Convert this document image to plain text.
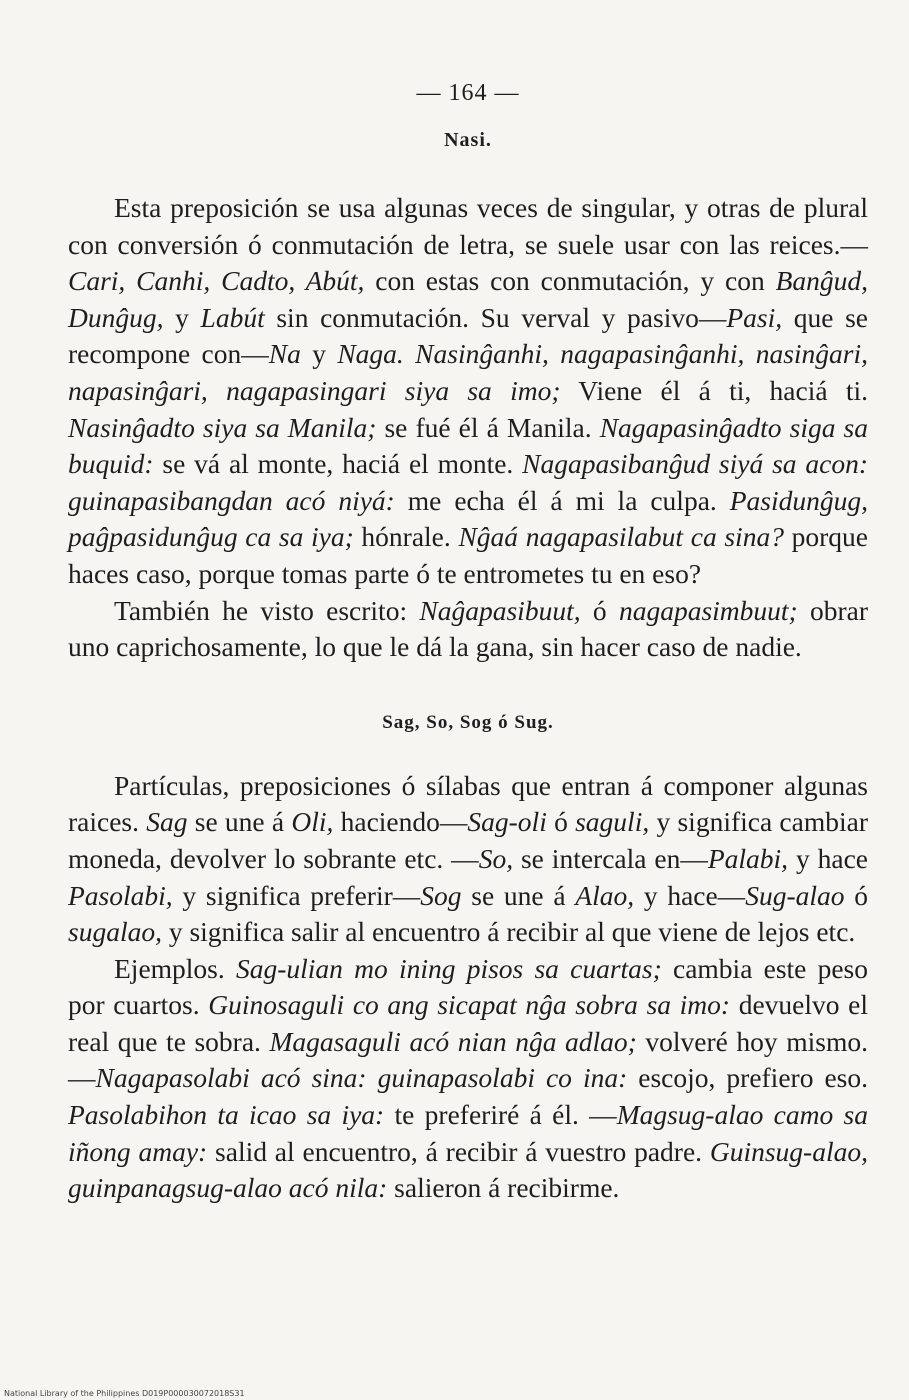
— 164 —
Nasi.

Esta preposición se usa algunas veces de singular, y otras de plural con conversión ó conmutación de letra, se suele usar con las reices.— Cari, Canhi, Cadto, Abút, con estas con conmutación, y con Banĝud, Dunĝug, y Labút sin conmutación. Su verval y pasivo—Pasi, que se recompone con—Na y Naga. Nasinĝanhi, nagapasinĝanhi, nasinĝari, napasinĝari, nagapasingari siya sa imo; Viene él á ti, haciá ti. Nasinĝadto siya sa Manila; se fué él á Manila. Nagapasinĝadto siga sa buquid: se vá al monte, haciá el monte. Nagapasibanĝud siyá sa acon: guinapasibangdan acó niyá: me echa él á mi la culpa. Pasidunĝug, paĝpasidunĝug ca sa iya; hónrale. Nĝaá nagapasilabut ca sina? porque haces caso, porque tomas parte ó te entrometes tu en eso?

También he visto escrito: Naĝapasibuut, ó nagapasimbuut; obrar uno caprichosamente, lo que le dá la gana, sin hacer caso de nadie.

Sag, So, Sog ó Sug.

Partículas, preposiciones ó sílabas que entran á componer algunas raices. Sag se une á Oli, haciendo—Sag-oli ó saguli, y significa cambiar moneda, devolver lo sobrante etc. —So, se intercala en—Palabi, y hace Pasolabi, y significa preferir—Sog se une á Alao, y hace—Sug-alao ó sugalao, y significa salir al encuentro á recibir al que viene de lejos etc.

Ejemplos. Sag-ulian mo ining pisos sa cuartas; cambia este peso por cuartos. Guinosaguli co ang sicapat nĝa sobra sa imo: devuelvo el real que te sobra. Magasaguli acó nian nĝa adlao; volveré hoy mismo.—Nagapasolabi acó sina: guinapasolabi co ina: escojo, prefiero eso. Pasolabihon ta icao sa iya: te preferiré á él. —Magsug-alao camo sa iñong amay: salid al encuentro, á recibir á vuestro padre. Guinsug-alao, guinpanagsug-alao acó nila: salieron á recibirme.

National Library of the Philippines D019P000030072018S31
